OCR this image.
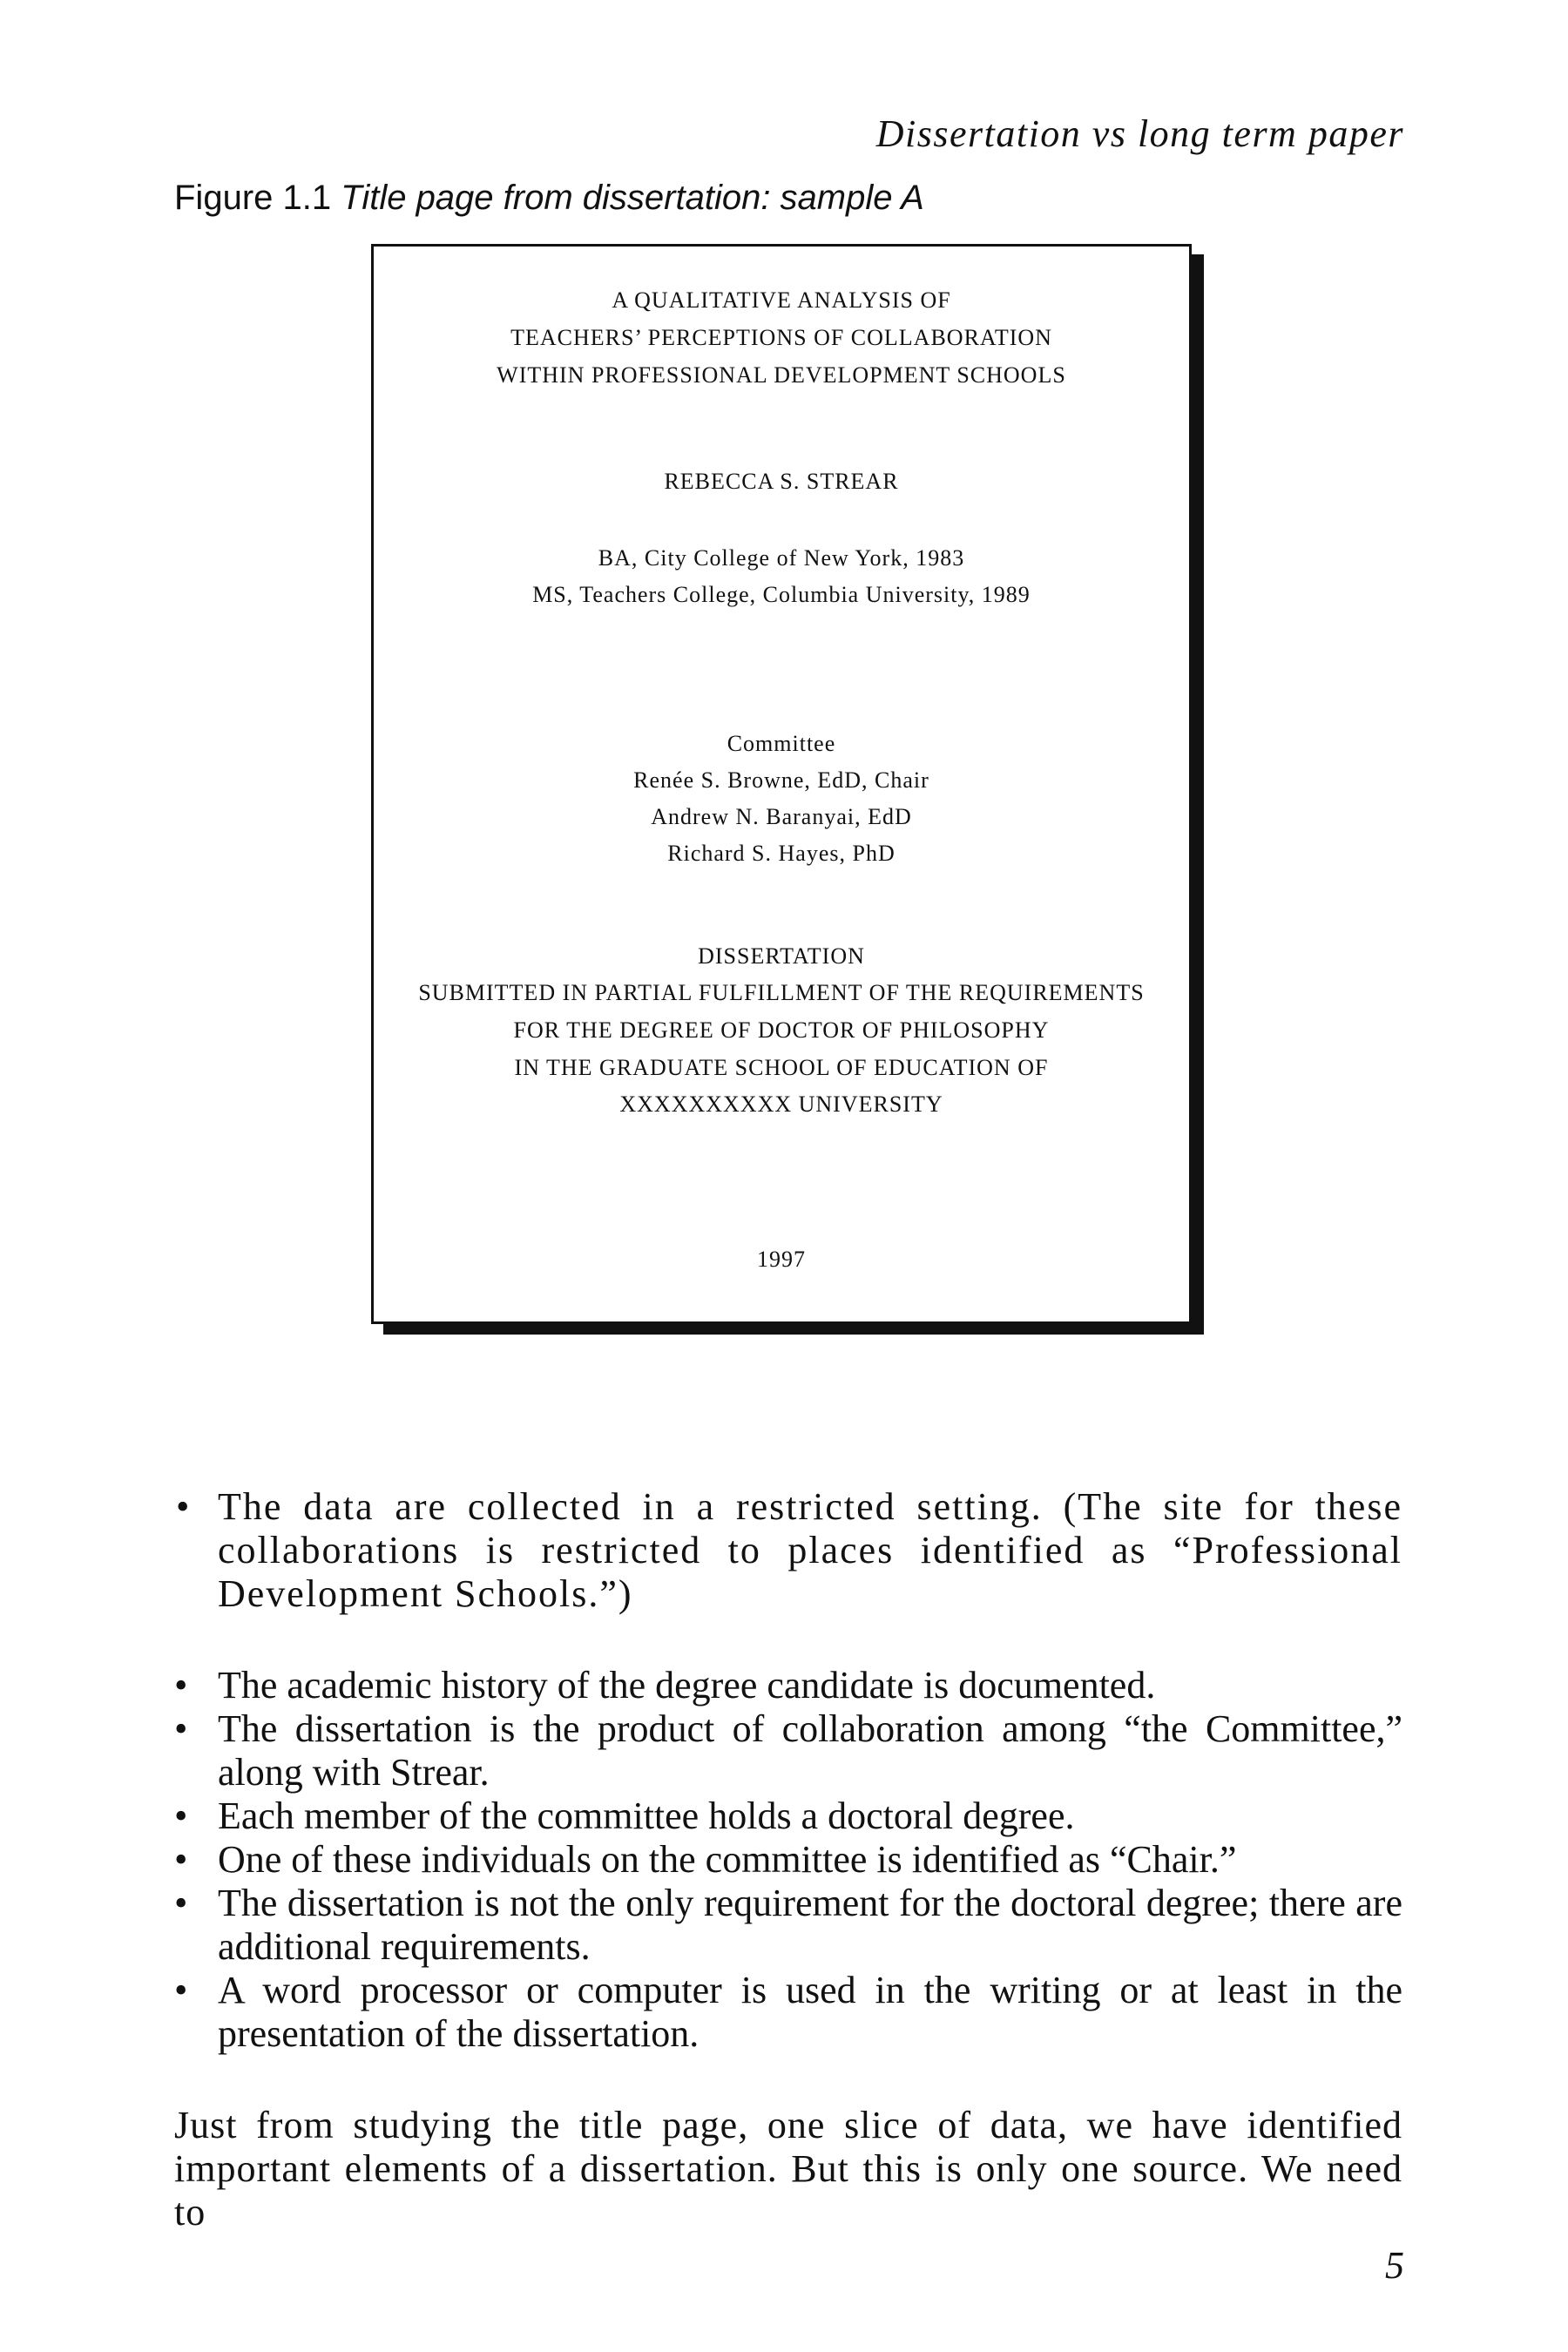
Dissertation vs long term paper
Figure 1.1 Title page from dissertation: sample A
A QUALITATIVE ANALYSIS OF
TEACHERS’ PERCEPTIONS OF COLLABORATION
WITHIN PROFESSIONAL DEVELOPMENT SCHOOLS
REBECCA S. STREAR
BA, City College of New York, 1983
MS, Teachers College, Columbia University, 1989
Committee
Renée S. Browne, EdD, Chair
Andrew N. Baranyai, EdD
Richard S. Hayes, PhD
DISSERTATION
SUBMITTED IN PARTIAL FULFILLMENT OF THE REQUIREMENTS
FOR THE DEGREE OF DOCTOR OF PHILOSOPHY
IN THE GRADUATE SCHOOL OF EDUCATION OF
XXXXXXXXXX UNIVERSITY
1997
• The data are collected in a restricted setting. (The site for these collaborations is restricted to places identified as “Professional Development Schools.”)
• The academic history of the degree candidate is documented.
• The dissertation is the product of collaboration among “the Committee,” along with Strear.
• Each member of the committee holds a doctoral degree.
• One of these individuals on the committee is identified as “Chair.”
• The dissertation is not the only requirement for the doctoral degree; there are additional requirements.
• A word processor or computer is used in the writing or at least in the presentation of the dissertation.
Just from studying the title page, one slice of data, we have identified important elements of a dissertation. But this is only one source. We need to
5
